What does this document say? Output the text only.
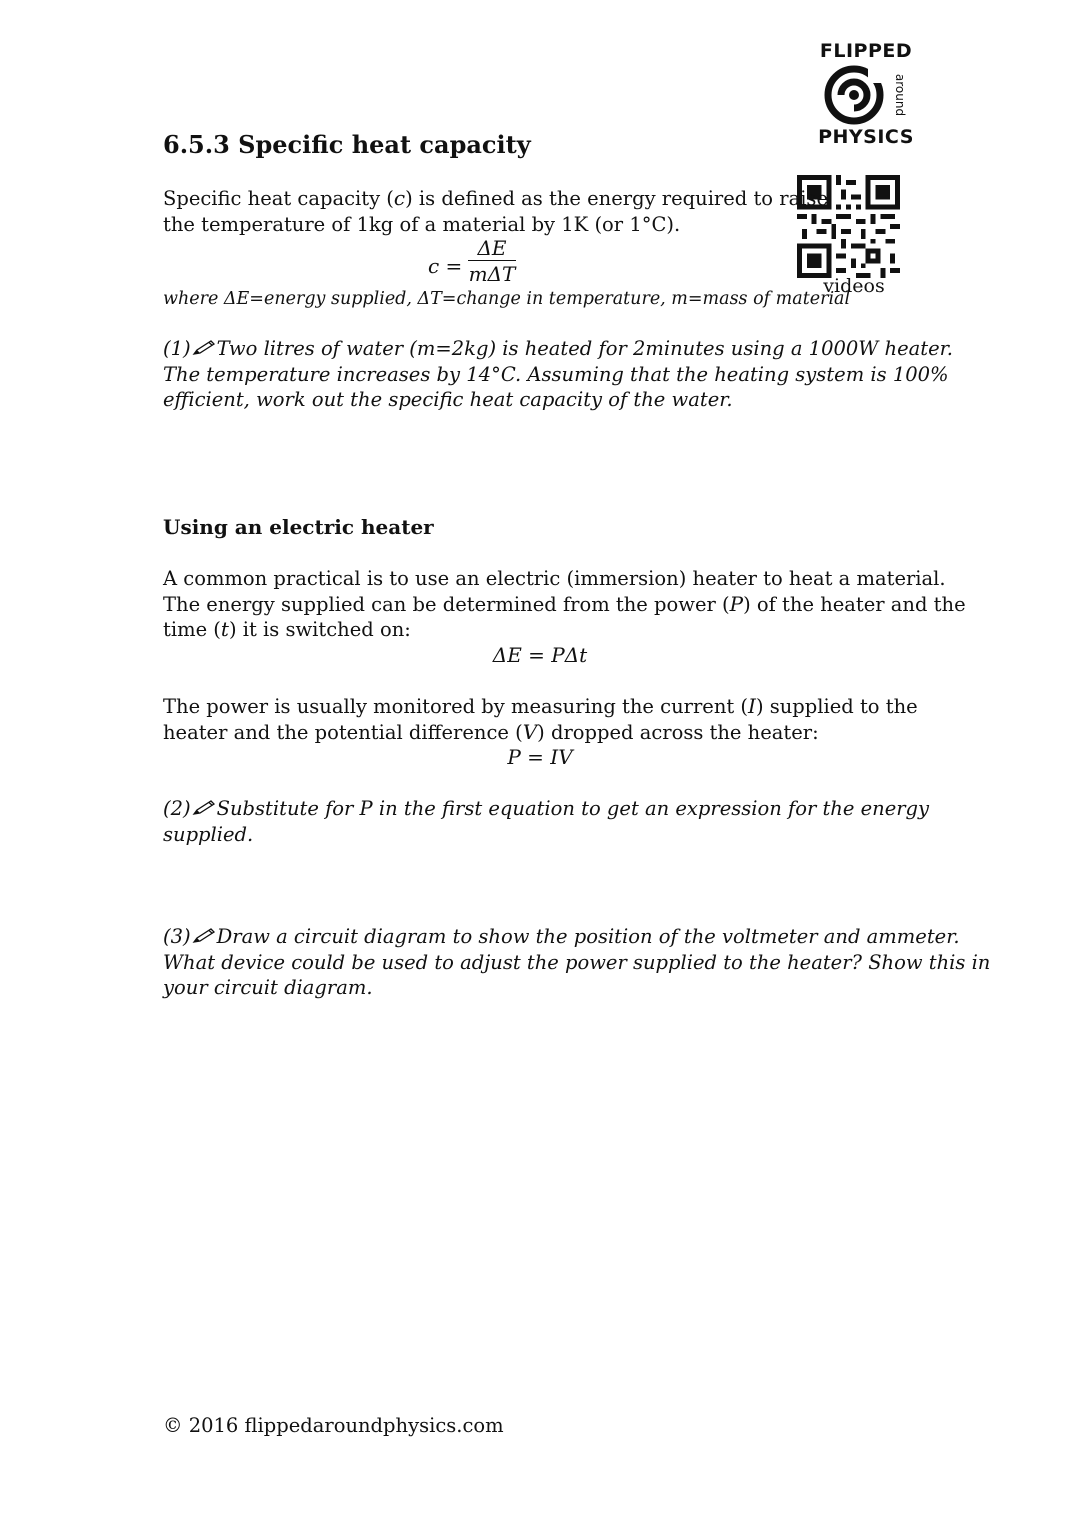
FLIPPED
around
PHYSICS
videos
6.5.3 Specific heat capacity

Specific heat capacity (c) is defined as the energy required to raise
the temperature of 1kg of a material by 1K (or 1°C).

c =
ΔE
mΔT

where ΔE=energy supplied, ΔT=change in temperature, m=mass of material

(1) Two litres of water (m=2kg) is heated for 2minutes using a 1000W heater.
The temperature increases by 14°C. Assuming that the heating system is 100%
efficient, work out the specific heat capacity of the water.

Using an electric heater

A common practical is to use an electric (immersion) heater to heat a material.
The energy supplied can be determined from the power (P) of the heater and the
time (t) it is switched on:

ΔE = PΔt

The power is usually monitored by measuring the current (I) supplied to the
heater and the potential difference (V) dropped across the heater:

P = IV

(2) Substitute for P in the first equation to get an expression for the energy
supplied.

(3) Draw a circuit diagram to show the position of the voltmeter and ammeter.
What device could be used to adjust the power supplied to the heater? Show this in
your circuit diagram.

© 2016 flippedaroundphysics.com
